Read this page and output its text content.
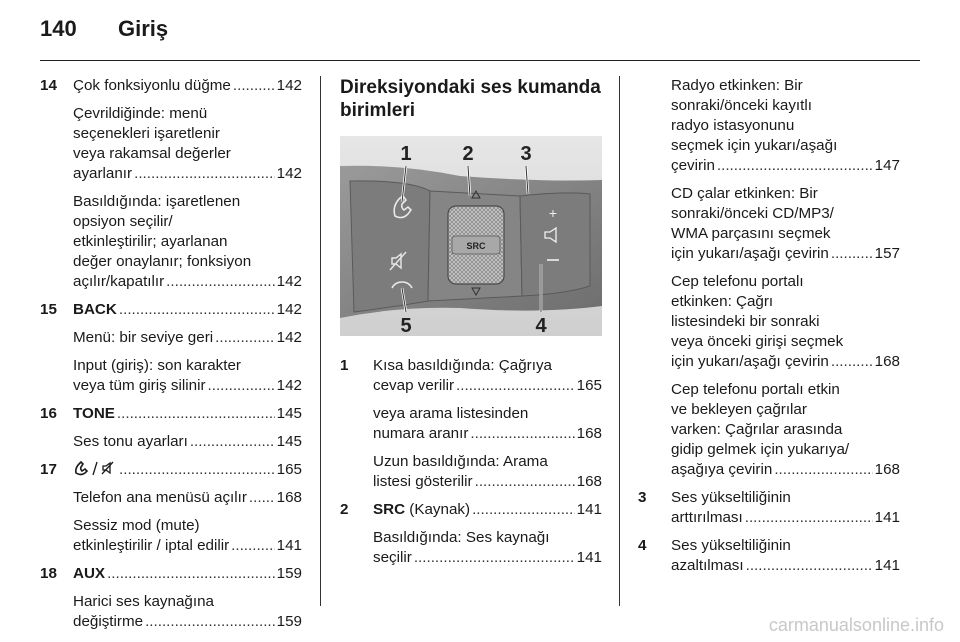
140 Giriş
14 Çok fonksiyonlu düğme .....	142
Çevrildiğinde: menü
seçenekleri işaretlenir
veya rakamsal değerler
ayarlanır .....	142
Basıldığında: işaretlenen
opsiyon seçilir/
etkinleştirilir; ayarlanan
değer onaylanır; fonksiyon
açılır/kapatılır .....	142
15 BACK .....	142
Menü: bir seviye geri .....	142
Input (giriş): son karakter
veya tüm giriş silinir .....	142
16 TONE .....	145
Ses tonu ayarları .....	145
17 .....	165
Telefon ana menüsü açılır ..... 168
Sessiz mod (mute)
etkinleştirilir / iptal edilir .....	141
18 AUX .....	159
Harici ses kaynağına
değiştirme .....	159
Direksiyondaki ses kumanda
birimleri
SRC
+
1	2 3
4
5
1 Kısa basıldığında: Çağrıya
cevap verilir .....	165
veya arama listesinden
numara aranır .....	168
Uzun basıldığında: Arama
listesi gösterilir .....	168
2 SRC (Kaynak) .....	141
Basıldığında: Ses kaynağı
seçilir .....	141
Radyo etkinken: Bir
sonraki/önceki kayıtlı
radyo istasyonunu
seçmek için yukarı/aşağı
çevirin .....	147
CD çalar etkinken: Bir
sonraki/önceki CD/MP3/
WMA parçasını seçmek
için yukarı/aşağı çevirin .....	157
Cep telefonu portalı
etkinken: Çağrı
listesindeki bir sonraki
veya önceki girişi seçmek
için yukarı/aşağı çevirin .....	168
Cep telefonu portalı etkin
ve bekleyen çağrılar
varken: Çağrılar arasında
gidip gelmek için yukarıya/
aşağıya çevirin .....	168
3 Ses yükseltiliğinin
arttırılması .....	141
4 Ses yükseltiliğinin
azaltılması .....	141
carmanualsonline.info
